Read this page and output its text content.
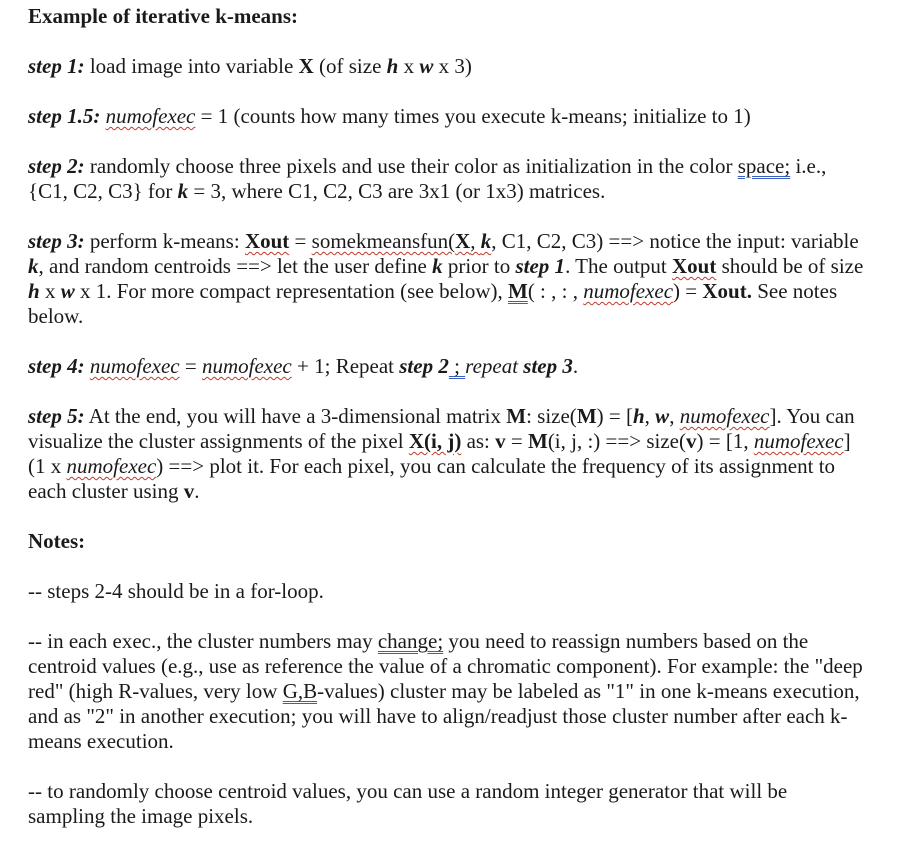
Example of iterative k-means:

step 1: load image into variable X (of size h x w x 3)

step 1.5: numofexec = 1 (counts how many times you execute k-means; initialize to 1)

step 2: randomly choose three pixels and use their color as initialization in the color space; i.e., {C1, C2, C3} for k = 3, where C1, C2, C3 are 3x1 (or 1x3) matrices.

step 3: perform k-means: Xout = somekmeansfun(X, k, C1, C2, C3) ==> notice the input: variable k, and random centroids ==> let the user define k prior to step 1. The output Xout should be of size h x w x 1. For more compact representation (see below), M( : , : , numofexec) = Xout. See notes below.

step 4: numofexec = numofexec + 1; Repeat step 2 ; repeat step 3.

step 5: At the end, you will have a 3-dimensional matrix M: size(M) = [h, w, numofexec]. You can visualize the cluster assignments of the pixel X(i, j) as: v = M(i, j, :) ==> size(v) = [1, numofexec] (1 x numofexec) ==> plot it. For each pixel, you can calculate the frequency of its assignment to each cluster using v.

Notes:

-- steps 2-4 should be in a for-loop.

-- in each exec., the cluster numbers may change; you need to reassign numbers based on the centroid values (e.g., use as reference the value of a chromatic component). For example: the "deep red" (high R-values, very low G,B-values) cluster may be labeled as "1" in one k-means execution, and as "2" in another execution; you will have to align/readjust those cluster number after each k-means execution.

-- to randomly choose centroid values, you can use a random integer generator that will be sampling the image pixels.
